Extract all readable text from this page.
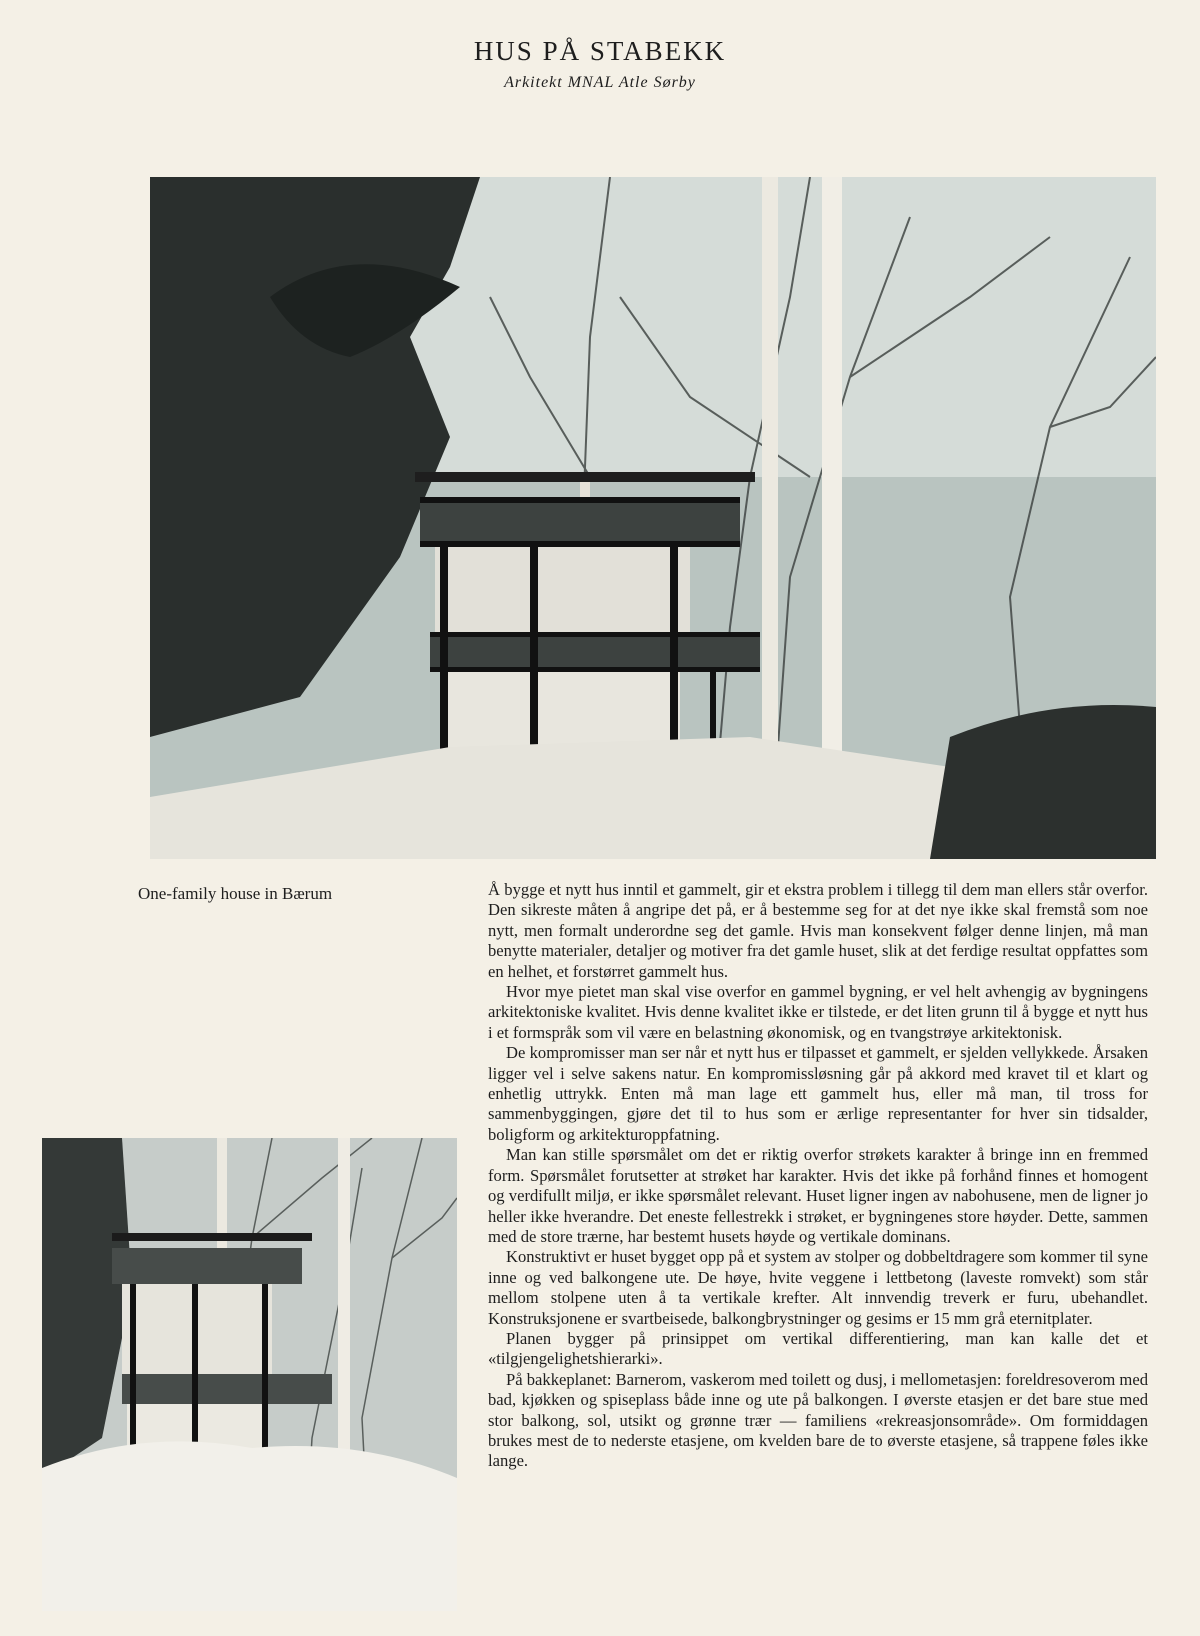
HUS PÅ STABEKK

Arkitekt MNAL Atle Sørby

One-family house in Bærum	Å bygge et nytt hus inntil et gammelt, gir et ekstra problem i tillegg til dem man ellers står overfor. Den sikreste måten å angripe det på, er å bestemme seg for at det nye ikke skal fremstå som noe nytt, men formalt underordne seg det gamle. Hvis man konsekvent følger denne linjen, må man benytte materialer, detaljer og motiver fra det gamle huset, slik at det ferdige resultat oppfattes som en helhet, et forstørret gammelt hus.

Hvor mye pietet man skal vise overfor en gammel bygning, er vel helt avhengig av bygningens arkitektoniske kvalitet. Hvis denne kvalitet ikke er tilstede, er det liten grunn til å bygge et nytt hus i et formspråk som vil være en belastning økonomisk, og en tvangstrøye arkitektonisk.

De kompromisser man ser når et nytt hus er tilpasset et gammelt, er sjelden vellykkede. Årsaken ligger vel i selve sakens natur. En kompromissløsning går på akkord med kravet til et klart og enhetlig uttrykk. Enten må man lage ett gammelt hus, eller må man, til tross for sammenbyggingen, gjøre det til to hus som er ærlige representanter for hver sin tidsalder, boligform og arkitekturoppfatning.

Man kan stille spørsmålet om det er riktig overfor strøkets karakter å bringe inn en fremmed form. Spørsmålet forutsetter at strøket har karakter. Hvis det ikke på forhånd finnes et homogent og verdifullt miljø, er ikke spørsmålet relevant. Huset ligner ingen av nabohusene, men de ligner jo heller ikke hverandre. Det eneste fellestrekk i strøket, er bygningenes store høyder. Dette, sammen med de store trærne, har bestemt husets høyde og vertikale dominans.

Konstruktivt er huset bygget opp på et system av stolper og dobbeltdragere som kommer til syne inne og ved balkongene ute. De høye, hvite veggene i lettbetong (laveste romvekt) som står mellom stolpene uten å ta vertikale krefter. Alt innvendig treverk er furu, ubehandlet. Konstruksjonene er svartbeisede, balkongbrystninger og gesims er 15 mm grå eternitplater.

Planen bygger på prinsippet om vertikal differentiering, man kan kalle det et «tilgjengelighetshierarki».

På bakkeplanet: Barnerom, vaskerom med toilett og dusj, i mellometasjen: foreldresoverom med bad, kjøkken og spiseplass både inne og ute på balkongen. I øverste etasjen er det bare stue med stor balkong, sol, utsikt og grønne trær — familiens «rekreasjonsområde». Om formiddagen brukes mest de to nederste etasjene, om kvelden bare de to øverste etasjene, så trappene føles ikke lange.
